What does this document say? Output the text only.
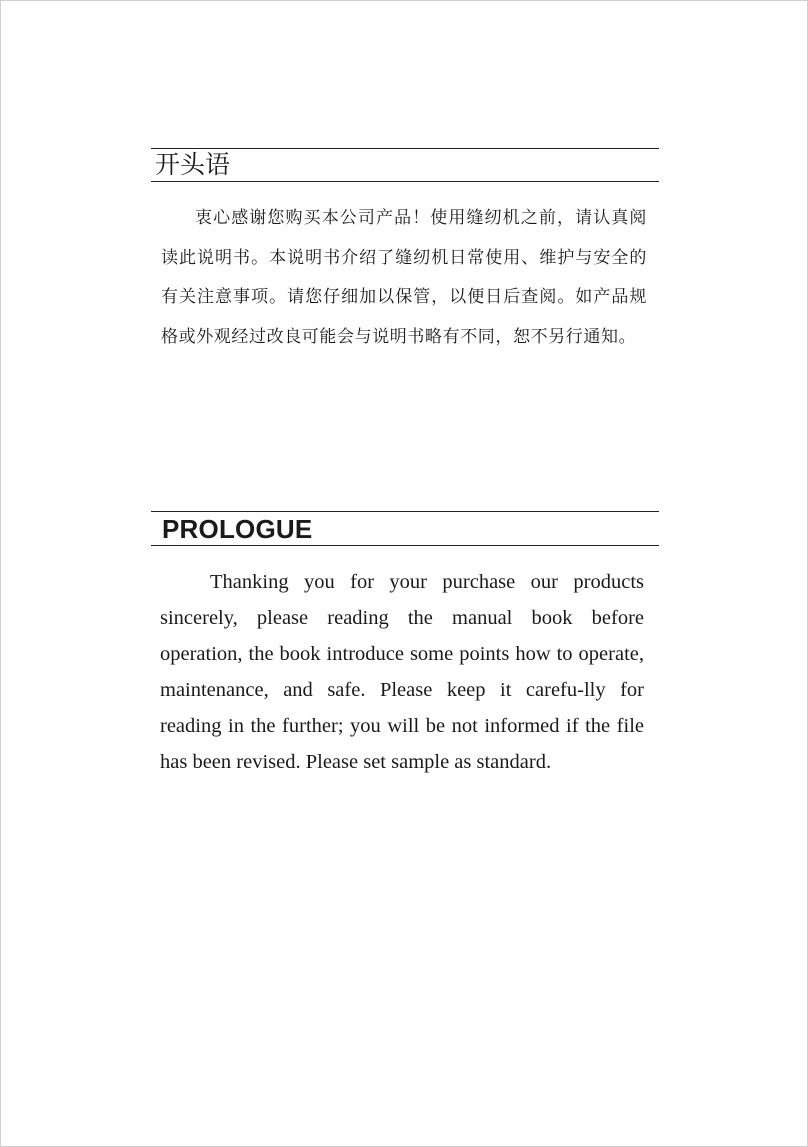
开头语

衷心感谢您购买本公司产品！使用缝纫机之前，请认真阅读此说明书。本说明书介绍了缝纫机日常使用、维护与安全的有关注意事项。请您仔细加以保管，以便日后查阅。如产品规格或外观经过改良可能会与说明书略有不同，恕不另行通知。

PROLOGUE

Thanking you for your purchase our products sincerely, please reading the manual book before operation, the book introduce some points how to operate, maintenance, and safe. Please keep it carefu-lly for reading in the further; you will be not informed if the file has been revised. Please set sample as standard.
